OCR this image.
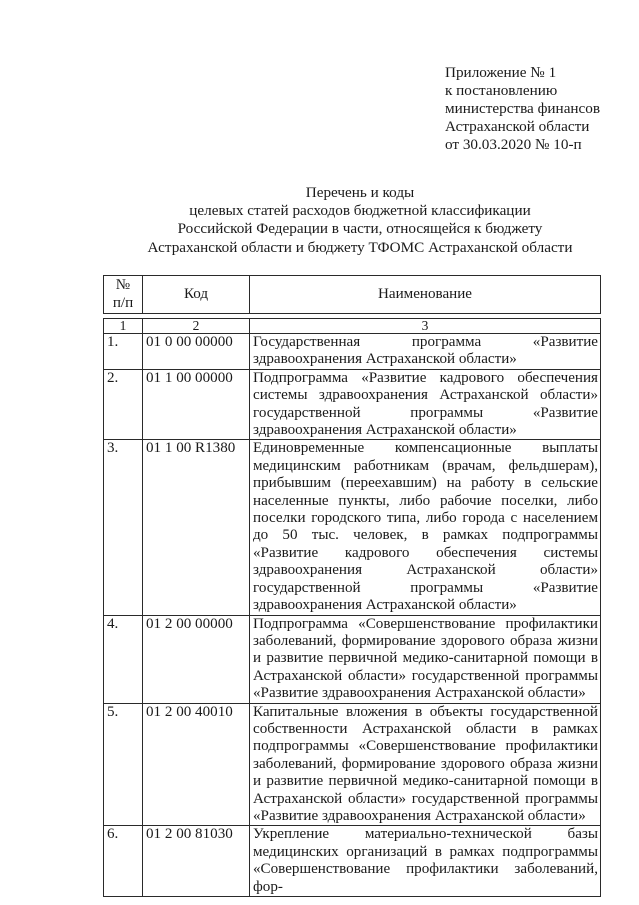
Приложение № 1
к постановлению
министерства финансов
Астраханской области
от 30.03.2020 № 10-п
Перечень и коды
целевых статей расходов бюджетной классификации
Российской Федерации в части, относящейся к бюджету
Астраханской области и бюджету ТФОМС Астраханской области
№
п/п
	Код	Наименование
1	2	3
1.	01 0 00 00000	Государственная программа «Развитие здравоохранения Астраханской области»
2.	01 1 00 00000	Подпрограмма «Развитие кадрового обеспечения системы здравоохранения Астраханской области» государственной программы «Развитие здравоохранения Астраханской области»
3.	01 1 00 R1380	Единовременные компенсационные выплаты медицинским работникам (врачам, фельдшерам), прибывшим (переехавшим) на работу в сельские населенные пункты, либо рабочие поселки, либо поселки городского типа, либо города с населением до 50 тыс. человек, в рамках подпрограммы «Развитие кадрового обеспечения системы здравоохранения Астраханской области» государственной программы «Развитие здравоохранения Астраханской области»
4.	01 2 00 00000	Подпрограмма «Совершенствование профилактики заболеваний, формирование здорового образа жизни и развитие первичной медико-санитарной помощи в Астраханской области» государственной программы «Развитие здравоохранения Астраханской области»
5.	01 2 00 40010	Капитальные вложения в объекты государственной собственности Астраханской области в рамках подпрограммы «Совершенствование профилактики заболеваний, формирование здорового образа жизни и развитие первичной медико-санитарной помощи в Астраханской области» государственной программы «Развитие здравоохранения Астраханской области»
6.	01 2 00 81030	Укрепление материально-технической базы медицинских организаций в рамках подпрограммы «Совершенствование профилактики заболеваний, фор-
